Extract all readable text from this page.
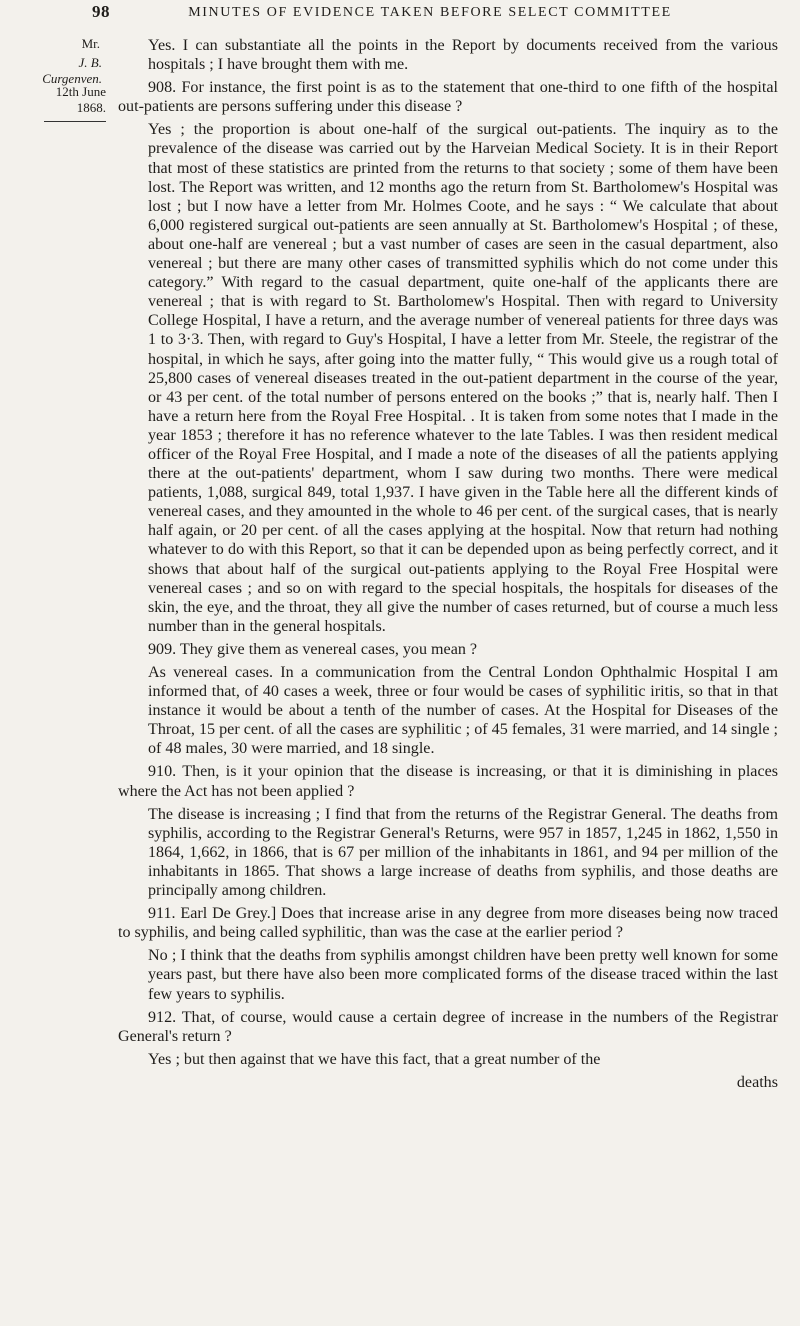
98	MINUTES OF EVIDENCE TAKEN BEFORE SELECT COMMITTEE
Mr.
J. B. Curgenven.
12th June 1868.

Yes. I can substantiate all the points in the Report by documents received from the various hospitals ; I have brought them with me.

908. For instance, the first point is as to the statement that one-third to one fifth of the hospital out-patients are persons suffering under this disease ?

Yes ; the proportion is about one-half of the surgical out-patients. The inquiry as to the prevalence of the disease was carried out by the Harveian Medical Society. It is in their Report that most of these statistics are printed from the returns to that society ; some of them have been lost. The Report was written, and 12 months ago the return from St. Bartholomew's Hospital was lost ; but I now have a letter from Mr. Holmes Coote, and he says : “ We calculate that about 6,000 registered surgical out-patients are seen annually at St. Bartholomew's Hospital ; of these, about one-half are venereal ; but a vast number of cases are seen in the casual department, also venereal ; but there are many other cases of transmitted syphilis which do not come under this category.” With regard to the casual department, quite one-half of the applicants there are venereal ; that is with regard to St. Bartholomew's Hospital. Then with regard to University College Hospital, I have a return, and the average number of venereal patients for three days was 1 to 3·3. Then, with regard to Guy's Hospital, I have a letter from Mr. Steele, the registrar of the hospital, in which he says, after going into the matter fully, “ This would give us a rough total of 25,800 cases of venereal diseases treated in the out-patient department in the course of the year, or 43 per cent. of the total number of persons entered on the books ;” that is, nearly half. Then I have a return here from the Royal Free Hospital. . It is taken from some notes that I made in the year 1853 ; therefore it has no reference whatever to the late Tables. I was then resident medical officer of the Royal Free Hospital, and I made a note of the diseases of all the patients applying there at the out-patients' department, whom I saw during two months. There were medical patients, 1,088, surgical 849, total 1,937. I have given in the Table here all the different kinds of venereal cases, and they amounted in the whole to 46 per cent. of the surgical cases, that is nearly half again, or 20 per cent. of all the cases applying at the hospital. Now that return had nothing whatever to do with this Report, so that it can be depended upon as being perfectly correct, and it shows that about half of the surgical out-patients applying to the Royal Free Hospital were venereal cases ; and so on with regard to the special hospitals, the hospitals for diseases of the skin, the eye, and the throat, they all give the number of cases returned, but of course a much less number than in the general hospitals.

909. They give them as venereal cases, you mean ?

As venereal cases. In a communication from the Central London Ophthalmic Hospital I am informed that, of 40 cases a week, three or four would be cases of syphilitic iritis, so that in that instance it would be about a tenth of the number of cases. At the Hospital for Diseases of the Throat, 15 per cent. of all the cases are syphilitic ; of 45 females, 31 were married, and 14 single ; of 48 males, 30 were married, and 18 single.

910. Then, is it your opinion that the disease is increasing, or that it is diminishing in places where the Act has not been applied ?

The disease is increasing ; I find that from the returns of the Registrar General. The deaths from syphilis, according to the Registrar General's Returns, were 957 in 1857, 1,245 in 1862, 1,550 in 1864, 1,662, in 1866, that is 67 per million of the inhabitants in 1861, and 94 per million of the inhabitants in 1865. That shows a large increase of deaths from syphilis, and those deaths are principally among children.

911. Earl De Grey.] Does that increase arise in any degree from more diseases being now traced to syphilis, and being called syphilitic, than was the case at the earlier period ?

No ; I think that the deaths from syphilis amongst children have been pretty well known for some years past, but there have also been more complicated forms of the disease traced within the last few years to syphilis.

912. That, of course, would cause a certain degree of increase in the numbers of the Registrar General's return ?

Yes ; but then against that we have this fact, that a great number of the

deaths
